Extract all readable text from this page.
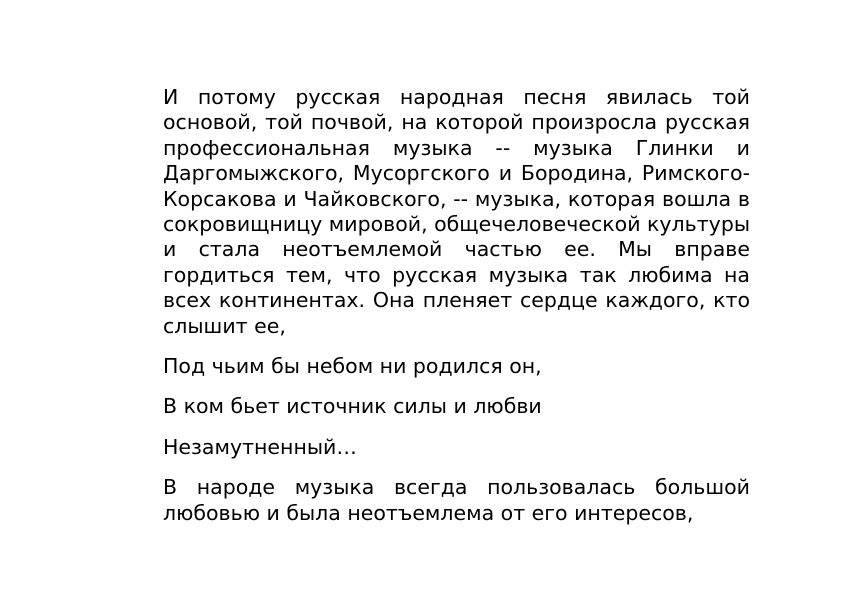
И потому русская народная песня явилась той основой, той почвой, на которой произросла русская профессиональная музыка -- музыка Глинки и Даргомыжского, Мусоргского и Бородина, Римского-Корсакова и Чайковского, -- музыка, которая вошла в сокровищницу мировой, общечеловеческой культуры и стала неотъемлемой частью ее. Мы вправе гордиться тем, что русская музыка так любима на всех континентах. Она пленяет сердце каждого, кто слышит ее,

Под чьим бы небом ни родился он,

В ком бьет источник силы и любви

Незамутненный…

В народе музыка всегда пользовалась большой любовью и была неотъемлема от его интересов,
